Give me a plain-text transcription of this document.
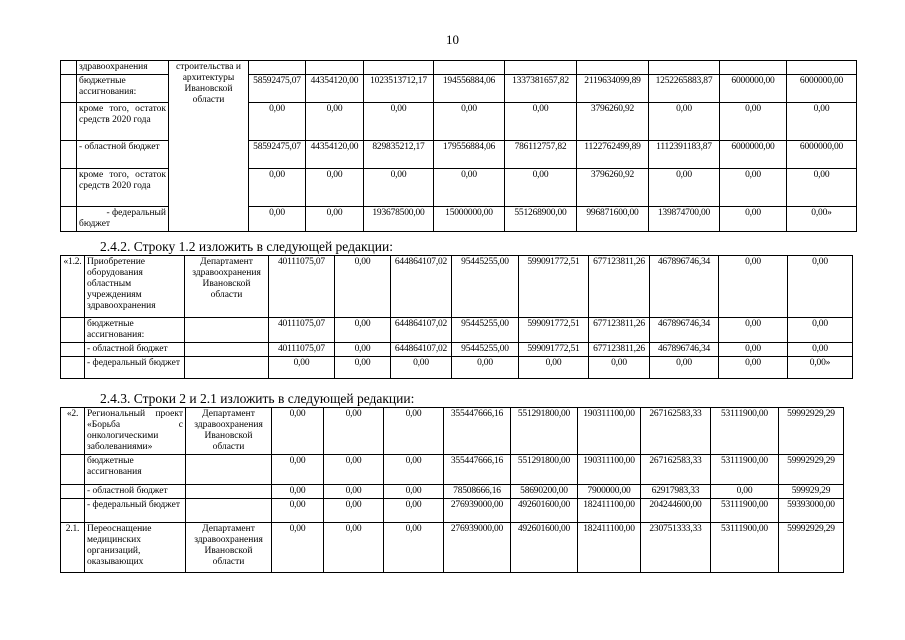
10
	здравоохранения	строительства и архитектуры Ивановской области									
	бюджетные ассигнования:		58592475,07	44354120,00	1023513712,17	194556884,06	1337381657,82	2119634099,89	1252265883,87	6000000,00	6000000,00
	кроме того, остаток средств 2020 года		0,00	0,00	0,00	0,00	0,00	3796260,92	0,00	0,00	0,00
	- областной бюджет		58592475,07	44354120,00	829835212,17	179556884,06	786112757,82	1122762499,89	1112391183,87	6000000,00	6000000,00
	кроме того, остаток средств 2020 года		0,00	0,00	0,00	0,00	0,00	3796260,92	0,00	0,00	0,00
	- федеральный бюджет		0,00	0,00	193678500,00	15000000,00	551268900,00	996871600,00	139874700,00	0,00	0,00»
2.4.2. Строку 1.2 изложить в следующей редакции:
«1.2.	Приобретение оборудования областным учреждениям здравоохранения	Департамент здравоохранения Ивановской области	40111075,07	0,00	644864107,02	95445255,00	599091772,51	677123811,26	467896746,34	0,00	0,00
	бюджетные ассигнования:		40111075,07	0,00	644864107,02	95445255,00	599091772,51	677123811,26	467896746,34	0,00	0,00
	- областной бюджет		40111075,07	0,00	644864107,02	95445255,00	599091772,51	677123811,26	467896746,34	0,00	0,00
	- федеральный бюджет		0,00	0,00	0,00	0,00	0,00	0,00	0,00	0,00	0,00»
2.4.3. Строки 2 и 2.1 изложить в следующей редакции:
«2.	Региональный проект «Борьба с онкологическими заболеваниями»	Департамент здравоохранения Ивановской области	0,00	0,00	0,00	355447666,16	551291800,00	190311100,00	267162583,33	53111900,00	59992929,29
	бюджетные ассигнования		0,00	0,00	0,00	355447666,16	551291800,00	190311100,00	267162583,33	53111900,00	59992929,29
	- областной бюджет		0,00	0,00	0,00	78508666,16	58690200,00	7900000,00	62917983,33	0,00	599929,29
	- федеральный бюджет		0,00	0,00	0,00	276939000,00	492601600,00	182411100,00	204244600,00	53111900,00	59393000,00
2.1.	Переоснащение медицинских организаций, оказывающих	Департамент здравоохранения Ивановской области	0,00	0,00	0,00	276939000,00	492601600,00	182411100,00	230751333,33	53111900,00	59992929,29
